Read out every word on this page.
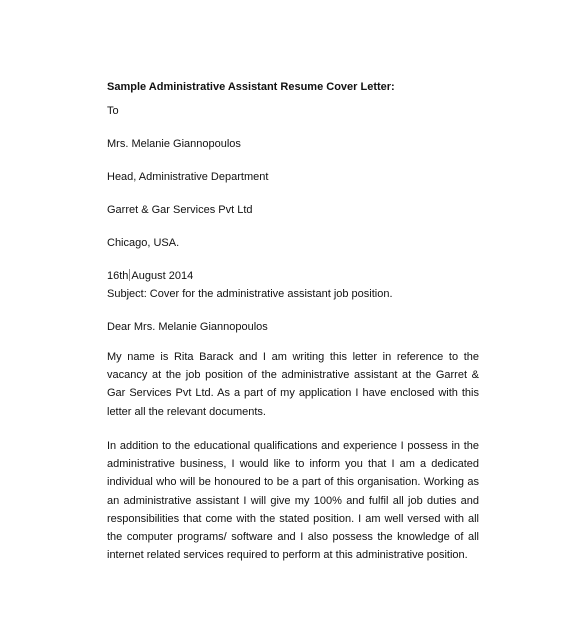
Sample Administrative Assistant Resume Cover Letter:
To
Mrs. Melanie Giannopoulos
Head, Administrative Department
Garret & Gar Services Pvt Ltd
Chicago, USA.
16th August 2014
Subject: Cover for the administrative assistant job position.
Dear Mrs. Melanie Giannopoulos

My name is Rita Barack and I am writing this letter in reference to the vacancy at the job position of the administrative assistant at the Garret & Gar Services Pvt Ltd. As a part of my application I have enclosed with this letter all the relevant documents.

In addition to the educational qualifications and experience I possess in the administrative business, I would like to inform you that I am a dedicated individual who will be honoured to be a part of this organisation. Working as an administrative assistant I will give my 100% and fulfil all job duties and responsibilities that come with the stated position. I am well versed with all the computer programs/ software and I also possess the knowledge of all internet related services required to perform at this administrative position.
